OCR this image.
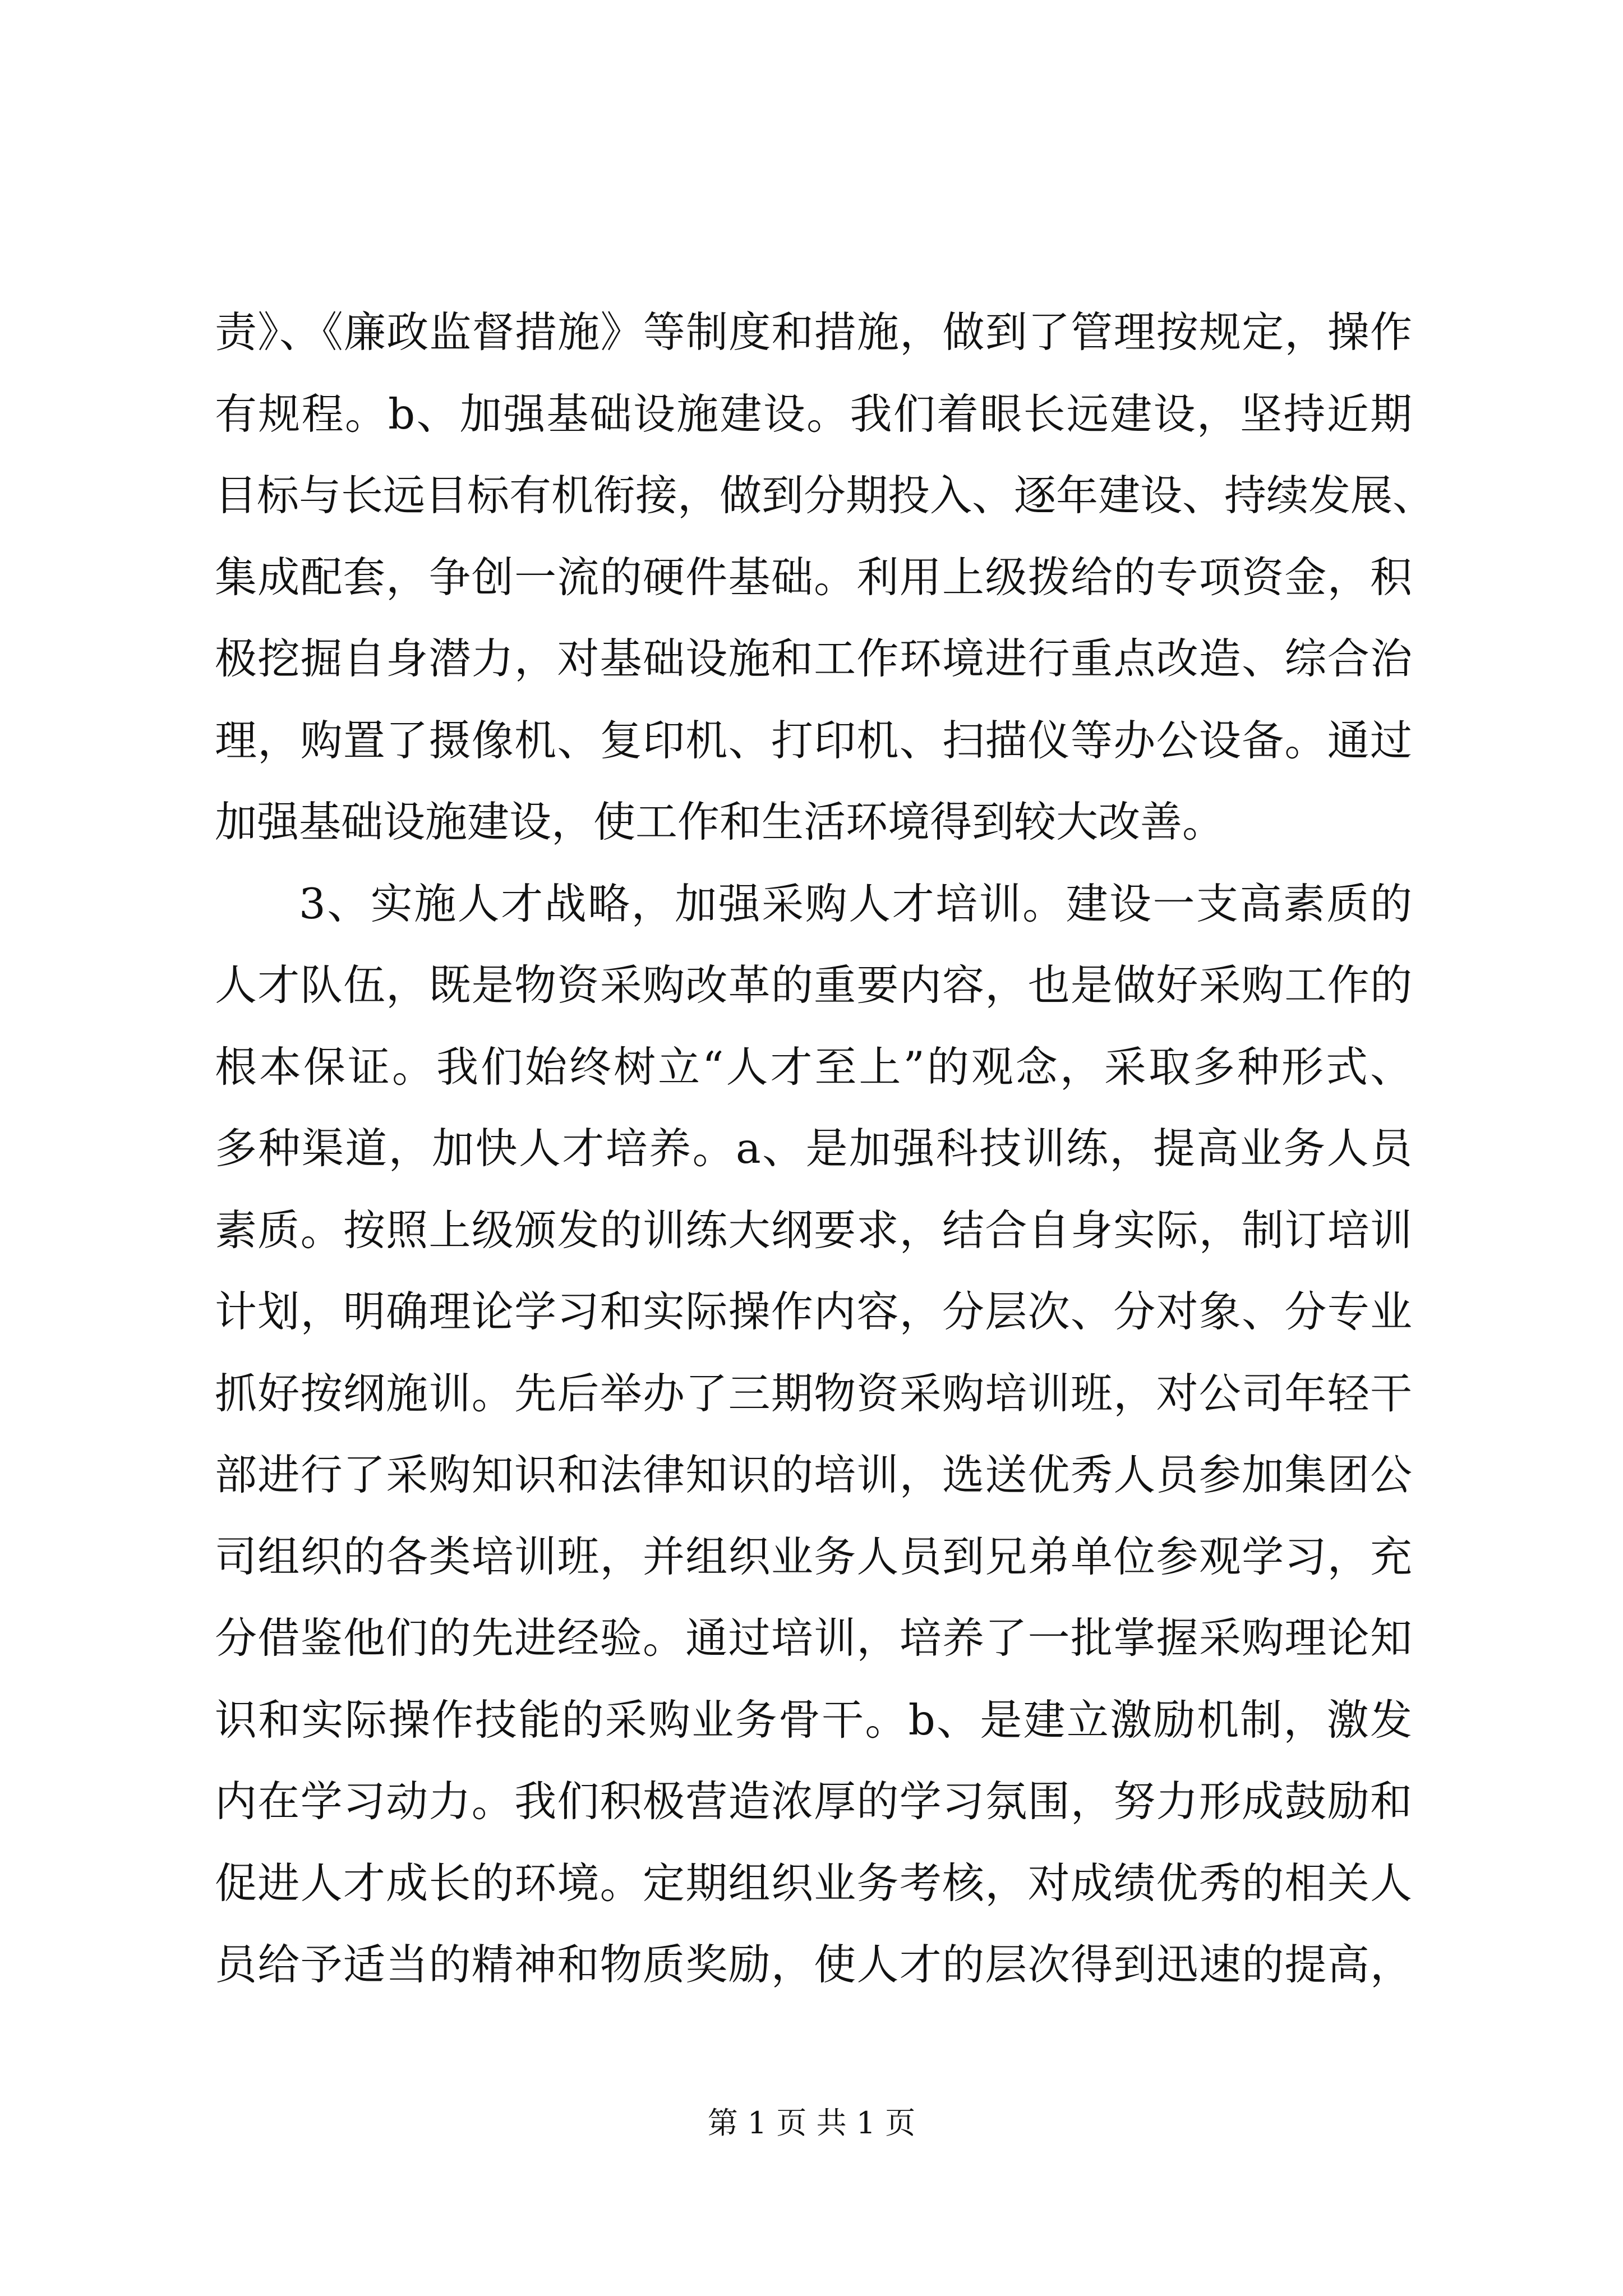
责》、《廉政监督措施》等制度和措施，做到了管理按规定，操作
有规程。b、加强基础设施建设。我们着眼长远建设，坚持近期
目标与长远目标有机衔接，做到分期投入、逐年建设、持续发展、
集成配套，争创一流的硬件基础。利用上级拨给的专项资金，积
极挖掘自身潜力，对基础设施和工作环境进行重点改造、综合治
理，购置了摄像机、复印机、打印机、扫描仪等办公设备。通过
加强基础设施建设，使工作和生活环境得到较大改善。
3、实施人才战略，加强采购人才培训。建设一支高素质的
人才队伍，既是物资采购改革的重要内容，也是做好采购工作的
根本保证。我们始终树立“人才至上”的观念，采取多种形式、
多种渠道，加快人才培养。a、是加强科技训练，提高业务人员
素质。按照上级颁发的训练大纲要求，结合自身实际，制订培训
计划，明确理论学习和实际操作内容，分层次、分对象、分专业
抓好按纲施训。先后举办了三期物资采购培训班，对公司年轻干
部进行了采购知识和法律知识的培训，选送优秀人员参加集团公
司组织的各类培训班，并组织业务人员到兄弟单位参观学习，充
分借鉴他们的先进经验。通过培训，培养了一批掌握采购理论知
识和实际操作技能的采购业务骨干。b、是建立激励机制，激发
内在学习动力。我们积极营造浓厚的学习氛围，努力形成鼓励和
促进人才成长的环境。定期组织业务考核，对成绩优秀的相关人
员给予适当的精神和物质奖励，使人才的层次得到迅速的提高，
第 1 页 共 1 页
